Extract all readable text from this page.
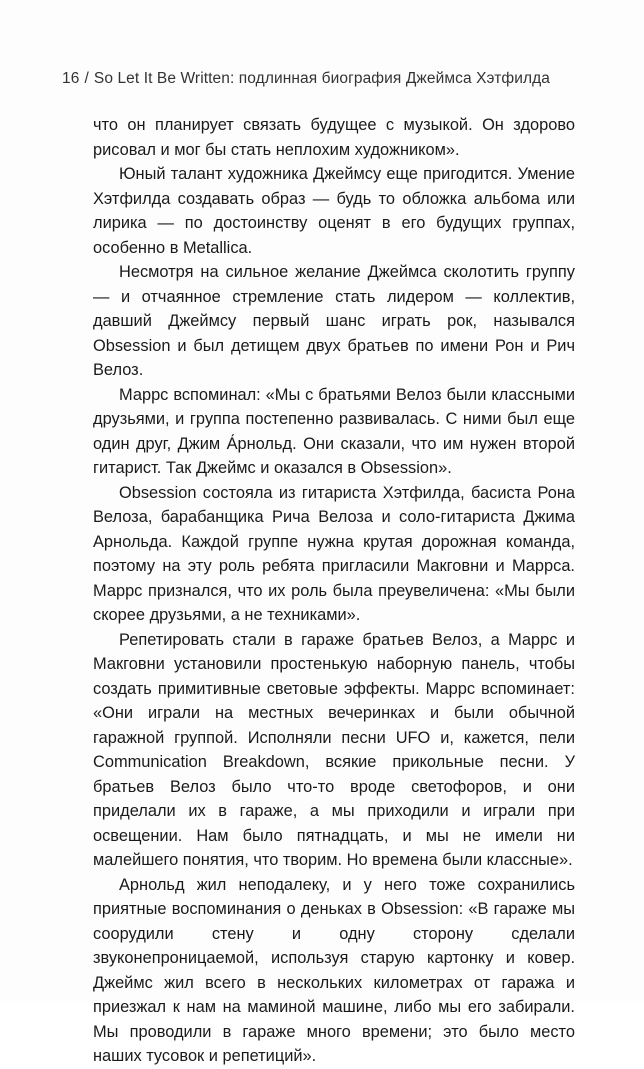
16 / So Let It Be Written: подлинная биография Джеймса Хэтфилда

что он планирует связать будущее с музыкой. Он здорово рисовал и мог бы стать неплохим художником».

Юный талант художника Джеймсу еще пригодится. Умение Хэтфилда создавать образ — будь то обложка альбома или лирика — по достоинству оценят в его будущих группах, особенно в Metallica.

Несмотря на сильное желание Джеймса сколотить группу — и отчаянное стремление стать лидером — коллектив, давший Джеймсу первый шанс играть рок, назывался Obsession и был детищем двух братьев по имени Рон и Рич Велоз.

Маррс вспоминал: «Мы с братьями Велоз были классными друзьями, и группа постепенно развивалась. С ними был еще один друг, Джим А́рнольд. Они сказали, что им нужен второй гитарист. Так Джеймс и оказался в Obsession».

Obsession состояла из гитариста Хэтфилда, басиста Рона Велоза, барабанщика Рича Велоза и соло-гитариста Джима Арнольда. Каждой группе нужна крутая дорожная команда, поэтому на эту роль ребята пригласили Макговни и Маррса. Маррс признался, что их роль была преувеличена: «Мы были скорее друзьями, а не техниками».

Репетировать стали в гараже братьев Велоз, а Маррс и Макговни установили простенькую наборную панель, чтобы создать примитивные световые эффекты. Маррс вспоминает: «Они играли на местных вечеринках и были обычной гаражной группой. Исполняли песни UFO и, кажется, пели Communication Breakdown, всякие прикольные песни. У братьев Велоз было что-то вроде светофоров, и они приделали их в гараже, а мы приходили и играли при освещении. Нам было пятнадцать, и мы не имели ни малейшего понятия, что творим. Но времена были классные».

Арнольд жил неподалеку, и у него тоже сохранились приятные воспоминания о деньках в Obsession: «В гараже мы соорудили стену и одну сторону сделали звуконепроницаемой, используя старую картонку и ковер. Джеймс жил всего в нескольких километрах от гаража и приезжал к нам на маминой машине, либо мы его забирали. Мы проводили в гараже много времени; это было место наших тусовок и репетиций».
